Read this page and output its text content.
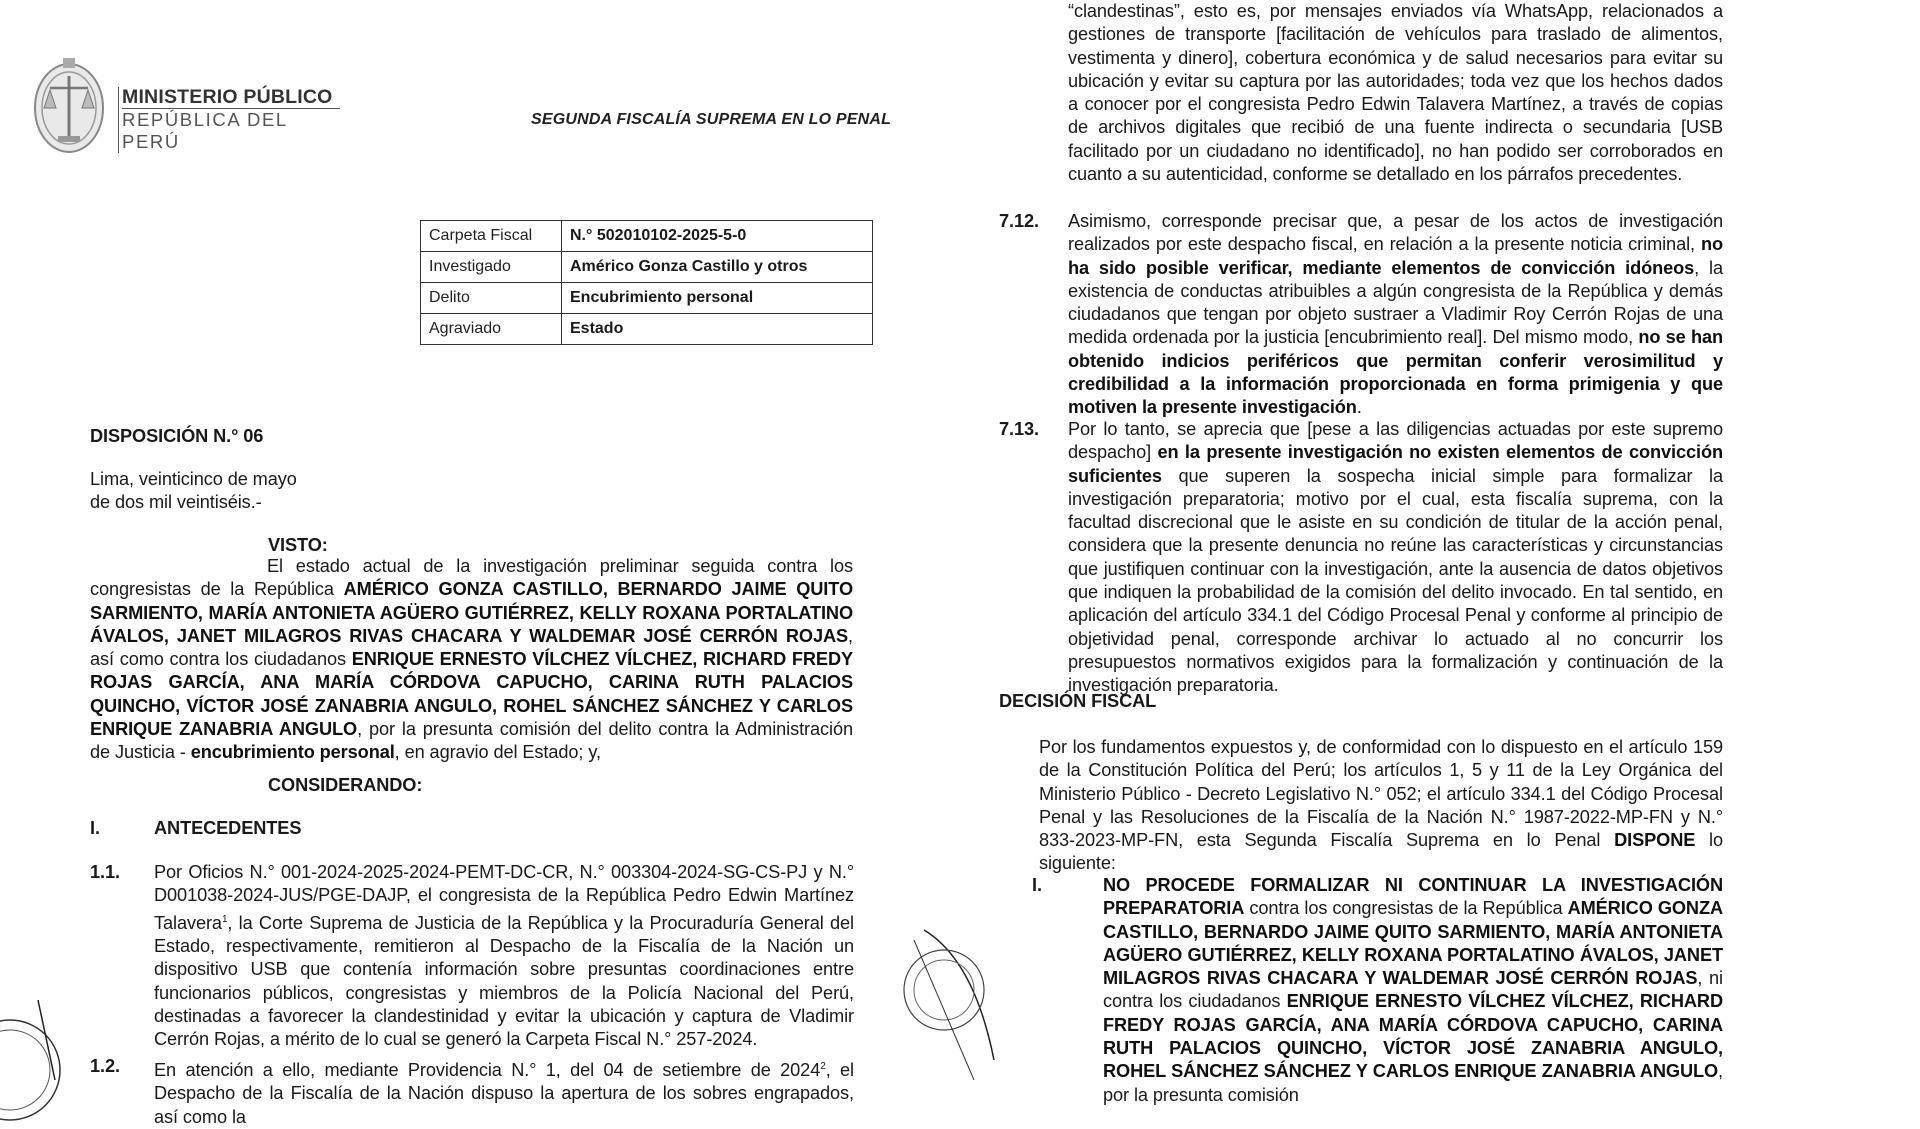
MINISTERIO PÚBLICO
REPÚBLICA DEL PERÚ
SEGUNDA FISCALÍA SUPREMA EN LO PENAL
Carpeta Fiscal	N.° 502010102-2025-5-0
Investigado	Américo Gonza Castillo y otros
Delito	Encubrimiento personal
Agraviado	Estado
DISPOSICIÓN N.° 06
Lima, veinticinco de mayo
de dos mil veintiséis.-
VISTO:
El estado actual de la investigación preliminar seguida contra los congresistas de la República AMÉRICO GONZA CASTILLO, BERNARDO JAIME QUITO SARMIENTO, MARÍA ANTONIETA AGÜERO GUTIÉRREZ, KELLY ROXANA PORTALATINO ÁVALOS, JANET MILAGROS RIVAS CHACARA Y WALDEMAR JOSÉ CERRÓN ROJAS, así como contra los ciudadanos ENRIQUE ERNESTO VÍLCHEZ VÍLCHEZ, RICHARD FREDY ROJAS GARCÍA, ANA MARÍA CÓRDOVA CAPUCHO, CARINA RUTH PALACIOS QUINCHO, VÍCTOR JOSÉ ZANABRIA ANGULO, ROHEL SÁNCHEZ SÁNCHEZ Y CARLOS ENRIQUE ZANABRIA ANGULO, por la presunta comisión del delito contra la Administración de Justicia - encubrimiento personal, en agravio del Estado; y,
CONSIDERANDO:
I.	ANTECEDENTES
1.1. Por Oficios N.° 001-2024-2025-2024-PEMT-DC-CR, N.° 003304-2024-SG-CS-PJ y N.° D001038-2024-JUS/PGE-DAJP, el congresista de la República Pedro Edwin Martínez Talavera$^1$, la Corte Suprema de Justicia de la República y la Procuraduría General del Estado, respectivamente, remitieron al Despacho de la Fiscalía de la Nación un dispositivo USB que contenía información sobre presuntas coordinaciones entre funcionarios públicos, congresistas y miembros de la Policía Nacional del Perú, destinadas a favorecer la clandestinidad y evitar la ubicación y captura de Vladimir Cerrón Rojas, a mérito de lo cual se generó la Carpeta Fiscal N.° 257-2024.
1.2. En atención a ello, mediante Providencia N.° 1, del 04 de setiembre de 2024$^2$, el Despacho de la Fiscalía de la Nación dispuso la apertura de los sobres engrapados, así como la
“clandestinas”, esto es, por mensajes enviados vía WhatsApp, relacionados a gestiones de transporte [facilitación de vehículos para traslado de alimentos, vestimenta y dinero], cobertura económica y de salud necesarios para evitar su ubicación y evitar su captura por las autoridades; toda vez que los hechos dados a conocer por el congresista Pedro Edwin Talavera Martínez, a través de copias de archivos digitales que recibió de una fuente indirecta o secundaria [USB facilitado por un ciudadano no identificado], no han podido ser corroborados en cuanto a su autenticidad, conforme se detallado en los párrafos precedentes.
7.12. Asimismo, corresponde precisar que, a pesar de los actos de investigación realizados por este despacho fiscal, en relación a la presente noticia criminal, no ha sido posible verificar, mediante elementos de convicción idóneos, la existencia de conductas atribuibles a algún congresista de la República y demás ciudadanos que tengan por objeto sustraer a Vladimir Roy Cerrón Rojas de una medida ordenada por la justicia [encubrimiento real]. Del mismo modo, no se han obtenido indicios periféricos que permitan conferir verosimilitud y credibilidad a la información proporcionada en forma primigenia y que motiven la presente investigación.
7.13. Por lo tanto, se aprecia que [pese a las diligencias actuadas por este supremo despacho] en la presente investigación no existen elementos de convicción suficientes que superen la sospecha inicial simple para formalizar la investigación preparatoria; motivo por el cual, esta fiscalía suprema, con la facultad discrecional que le asiste en su condición de titular de la acción penal, considera que la presente denuncia no reúne las características y circunstancias que justifiquen continuar con la investigación, ante la ausencia de datos objetivos que indiquen la probabilidad de la comisión del delito invocado. En tal sentido, en aplicación del artículo 334.1 del Código Procesal Penal y conforme al principio de objetividad penal, corresponde archivar lo actuado al no concurrir los presupuestos normativos exigidos para la formalización y continuación de la investigación preparatoria.
DECISIÓN FISCAL
Por los fundamentos expuestos y, de conformidad con lo dispuesto en el artículo 159 de la Constitución Política del Perú; los artículos 1, 5 y 11 de la Ley Orgánica del Ministerio Público - Decreto Legislativo N.° 052; el artículo 334.1 del Código Procesal Penal y las Resoluciones de la Fiscalía de la Nación N.° 1987-2022-MP-FN y N.° 833-2023-MP-FN, esta Segunda Fiscalía Suprema en lo Penal DISPONE lo siguiente:
I.	NO PROCEDE FORMALIZAR NI CONTINUAR LA INVESTIGACIÓN PREPARATORIA contra los congresistas de la República AMÉRICO GONZA CASTILLO, BERNARDO JAIME QUITO SARMIENTO, MARÍA ANTONIETA AGÜERO GUTIÉRREZ, KELLY ROXANA PORTALATINO ÁVALOS, JANET MILAGROS RIVAS CHACARA Y WALDEMAR JOSÉ CERRÓN ROJAS, ni contra los ciudadanos ENRIQUE ERNESTO VÍLCHEZ VÍLCHEZ, RICHARD FREDY ROJAS GARCÍA, ANA MARÍA CÓRDOVA CAPUCHO, CARINA RUTH PALACIOS QUINCHO, VÍCTOR JOSÉ ZANABRIA ANGULO, ROHEL SÁNCHEZ SÁNCHEZ Y CARLOS ENRIQUE ZANABRIA ANGULO, por la presunta comisión
